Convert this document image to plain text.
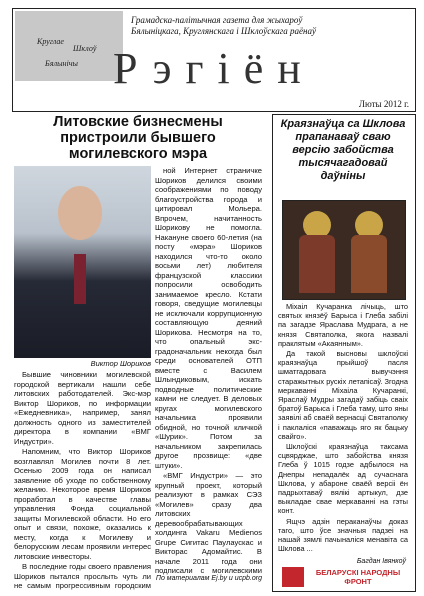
Круглае
Шклоў
Бялынічы
Грамадска-палітычная газета для жыхароў
Бялыніцкага, Круглянскага і Шклоўскага раёнаў
Рэгіён
Люты 2012 г.
Литовские бизнесмены пристроили бывшего могилевского мэра
Виктор Шориков

Бывшие чиновники могилевской городской вертикали нашли себе литовских работодателей. Экс-мэр Виктор Шориков, по информации «Ежедневника», например, занял должность одного из заместителей директора в компании «ВМГ Индустри».

Напомним, что Виктор Шориков возглавлял Могилев почти 8 лет. Осенью 2009 года он написал заявление об уходе по собственному желанию. Некоторое время Шориков проработал в качестве главы управления Фонда социальной защиты Могилевской области. Но его опыт и связи, похоже, оказались к месту, когда к Могилеву и белорусским лесам проявили интерес литовские инвесторы.

В последние годы своего правления Шориков пытался прослыть чуть ли не самым прогрессивным городским

ной Интернет страничке Шориков делился своими соображениями по поводу благоустройства города и цитировал Мольера. Впрочем, начитанность Шорикову не помогла. Накануне своего 60-летия (на посту «мэра» Шориков находился что-то около восьми лет) любителя французской классики попросили освободить занимаемое кресло. Кстати говоря, сведущие могилевцы не исключали коррупционную составляющую деяний Шорикова. Несмотря на то, что опальный экс-градоначальник некогда был среди основателей ОТП вместе с Василем Шлындиковым, искать подводные политические камни не следует. В деловых кругах могилевского начальника проявили обидной, но точной кличкой «Шурик». Потом за начальником закрепилась другое прозвище: «две штуки».

«ВМГ Индустри» — это крупный проект, который реализуют в рамках СЭЗ «Могилев» сразу два литовских деревообрабатывающих холдинга Vakaru Medienos Grupe Сигитас Паулаускас и Викторас Адомайтис. В начале 2011 года они подписали с могилевскими

По материалам Ej.by и ucpb.org
Краязнаўца са Шклова прапанаваў сваю версію забойства тысячагадовай даўніны

Міхаіл Кучаранка лічыць, што святых князёў Барыса і Глеба забілі па загадзе Яраслава Мудрага, а не князя Святаполка, якога назвалі праклятым «Акаянным».

Да такой высновы шклоўскі краязнаўца прыйшоў пасля шматгадовага вывучэння старажытных рускіх летапісаў. Згодна меркаванні Міхаіла Кучаранкі, Яраслаў Мудры загадаў забіць сваіх братоў Барыса і Глеба таму, што яны заявілі аб сваёй вернасці Святаполку і паклаліся «паважаць яго як бацьку свайго».

Шклоўскі краязнаўца таксама сцвярджае, што забойства князя Глеба ў 1015 годзе адбылося на Днепры непадалёк ад сучаснага Шклова, у абароне сваёй версіі ён падрыхтаваў вялікі артыкул, дзе выкладае свае меркаванні на гэты конт.

Ящчэ адзін пераканаўчы доказ таго, што ўсе значныя падзеі на нашай зямлі пачыналіся менавіта са Шклова ...

Багдан Івянкоў
БЕЛАРУСКІ НАРОДНЫ ФРОНТ
